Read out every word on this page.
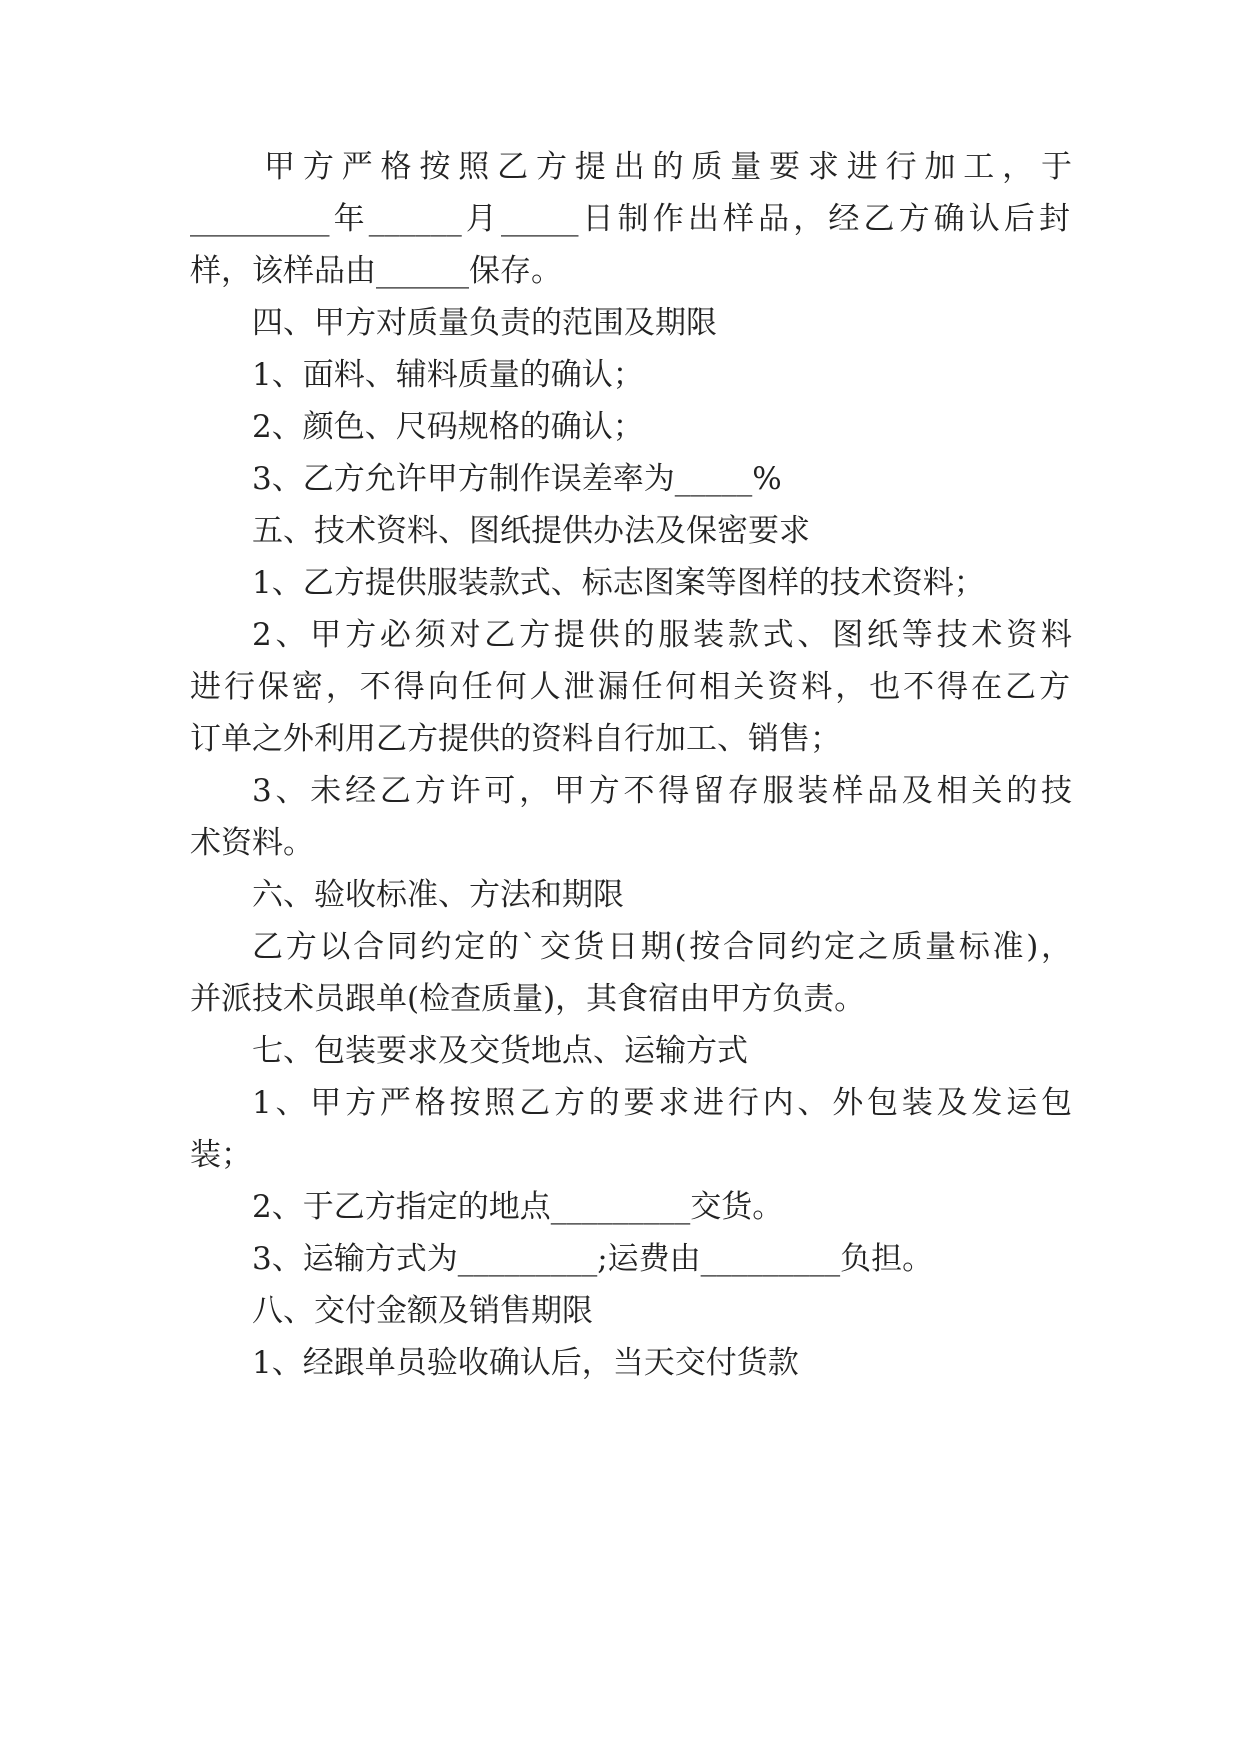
甲方严格按照乙方提出的质量要求进行加工，于
_________年______月_____日制作出样品，经乙方确认后封
样，该样品由______保存。
四、甲方对质量负责的范围及期限
1、面料、辅料质量的确认；
2、颜色、尺码规格的确认；
3、乙方允许甲方制作误差率为_____%
五、技术资料、图纸提供办法及保密要求
1、乙方提供服装款式、标志图案等图样的技术资料；
2、甲方必须对乙方提供的服装款式、图纸等技术资料
进行保密，不得向任何人泄漏任何相关资料，也不得在乙方
订单之外利用乙方提供的资料自行加工、销售；
3、未经乙方许可，甲方不得留存服装样品及相关的技
术资料。
六、验收标准、方法和期限
乙方以合同约定的`交货日期(按合同约定之质量标准)，
并派技术员跟单(检查质量)，其食宿由甲方负责。
七、包装要求及交货地点、运输方式
1、甲方严格按照乙方的要求进行内、外包装及发运包
装；
2、于乙方指定的地点_________交货。
3、运输方式为_________;运费由_________负担。
八、交付金额及销售期限
1、经跟单员验收确认后，当天交付货款
